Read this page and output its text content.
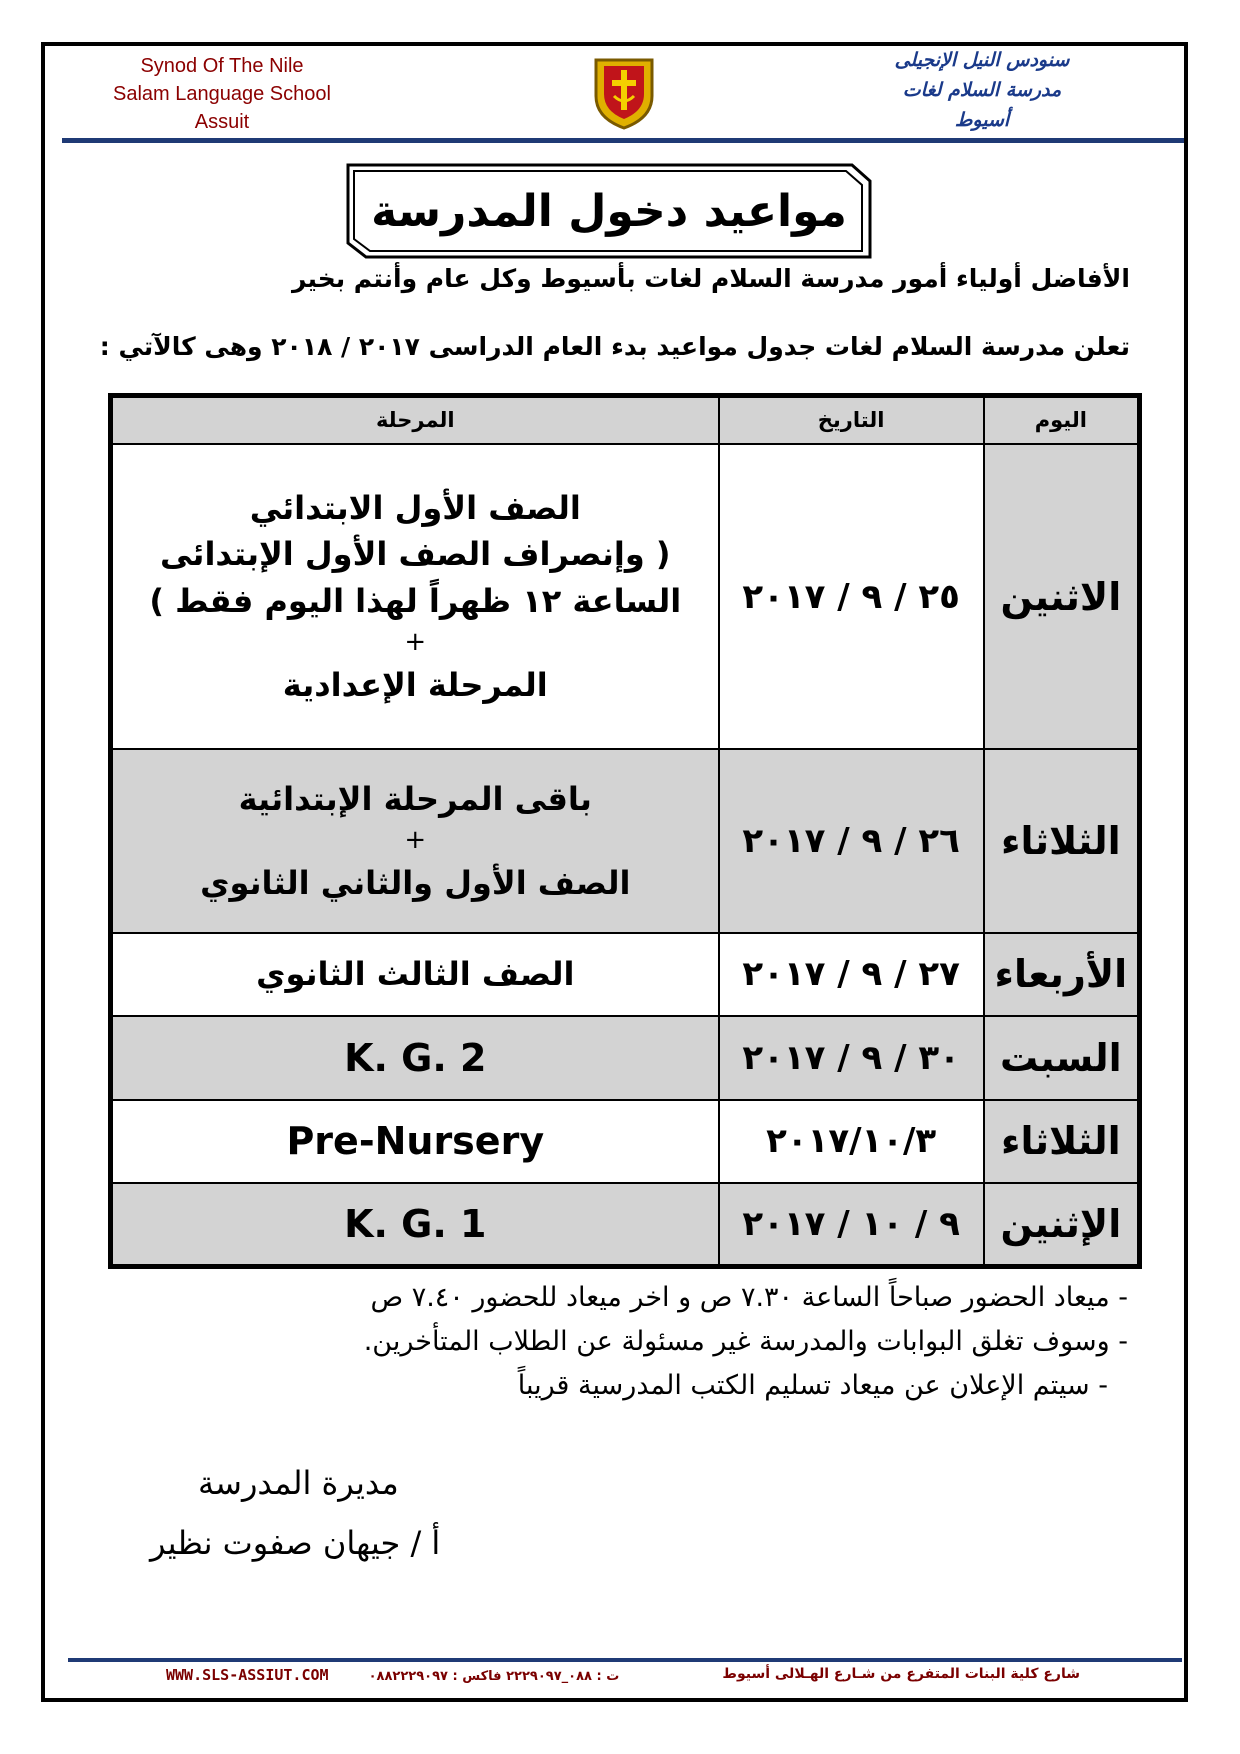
Synod Of The Nile
Salam Language School
Assuit
سنودس النيل الإنجيلى
مدرسة السلام لغات
أسيوط
مواعيد دخول المدرسة
الأفاضل أولياء أمور مدرسة السلام لغات بأسيوط وكل عام وأنتم بخير
تعلن مدرسة السلام لغات جدول مواعيد بدء العام الدراسى ٢٠١٧ / ٢٠١٨ وهى كالآتي :
اليوم	التاريخ	المرحلة
الاثنين	٢٥ / ٩ / ٢٠١٧	الصف الأول الابتدائي
( وإنصراف الصف الأول الإبتدائى
الساعة ١٢ ظهراً لهذا اليوم فقط )
+
المرحلة الإعدادية

الثلاثاء	٢٦ / ٩ / ٢٠١٧	باقى المرحلة الإبتدائية
+
الصف الأول والثاني الثانوي

الأربعاء	٢٧ / ٩ / ٢٠١٧	الصف الثالث الثانوي

السبت	٣٠ / ٩ / ٢٠١٧	K. G. 2
الثلاثاء	٢٠١٧/١٠/٣	Pre-Nursery
الإثنين	٩ / ١٠ / ٢٠١٧	K. G. 1
- ميعاد الحضور صباحاً الساعة ٧.٣٠ ص و اخر ميعاد للحضور ٧.٤٠ ص
- وسوف تغلق البوابات والمدرسة غير مسئولة عن الطلاب المتأخرين.
- سيتم الإعلان عن ميعاد تسليم الكتب المدرسية قريباً
مديرة المدرسة
أ / جيهان صفوت نظير
WWW.SLS-ASSIUT.COM	ت : ٠٨٨_٢٢٢٩٠٩٧ فاكس : ٠٨٨٢٢٢٩٠٩٧	شارع كلية البنات المتفرع من شـارع الهـلالى أسيوط
